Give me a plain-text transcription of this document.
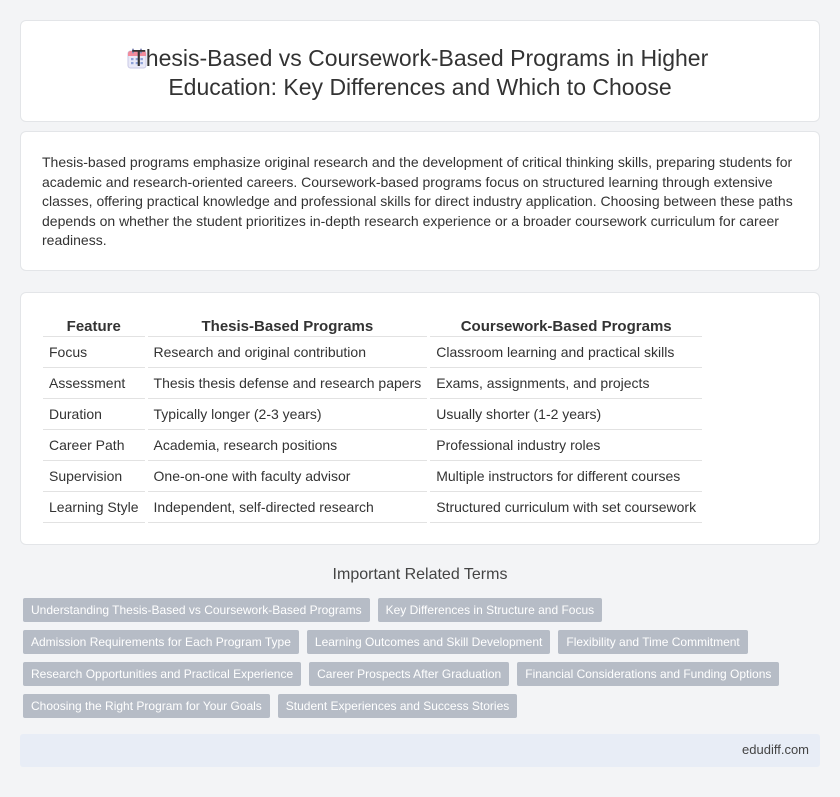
Thesis-Based vs Coursework-Based Programs in Higher Education: Key Differences and Which to Choose
Thesis-based programs emphasize original research and the development of critical thinking skills, preparing students for academic and research-oriented careers. Coursework-based programs focus on structured learning through extensive classes, offering practical knowledge and professional skills for direct industry application. Choosing between these paths depends on whether the student prioritizes in-depth research experience or a broader coursework curriculum for career readiness.
Feature	Thesis-Based Programs	Coursework-Based Programs
Focus	Research and original contribution	Classroom learning and practical skills
Assessment	Thesis thesis defense and research papers	Exams, assignments, and projects
Duration	Typically longer (2-3 years)	Usually shorter (1-2 years)
Career Path	Academia, research positions	Professional industry roles
Supervision	One-on-one with faculty advisor	Multiple instructors for different courses
Learning Style	Independent, self-directed research	Structured curriculum with set coursework
Important Related Terms
Understanding Thesis-Based vs Coursework-Based Programs	Key Differences in Structure and Focus
Admission Requirements for Each Program Type	Learning Outcomes and Skill Development	Flexibility and Time Commitment
Research Opportunities and Practical Experience	Career Prospects After Graduation	Financial Considerations and Funding Options
Choosing the Right Program for Your Goals	Student Experiences and Success Stories
edudiff.com
